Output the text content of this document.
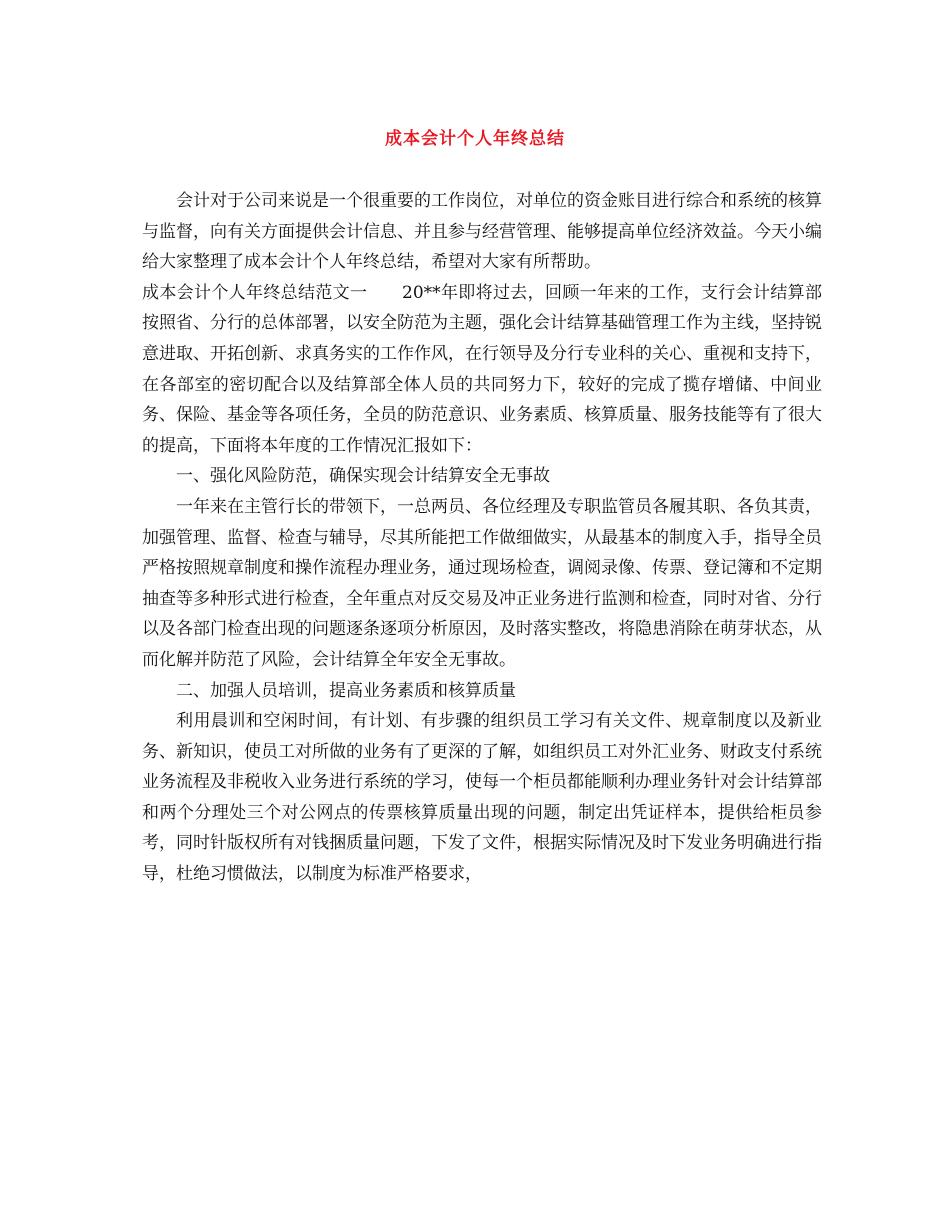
成本会计个人年终总结

会计对于公司来说是一个很重要的工作岗位，对单位的资金账目进行综合和系统的核算与监督，向有关方面提供会计信息、并且参与经营管理、能够提高单位经济效益。今天小编给大家整理了成本会计个人年终总结，希望对大家有所帮助。

成本会计个人年终总结范文一　　20**年即将过去，回顾一年来的工作，支行会计结算部按照省、分行的总体部署，以安全防范为主题，强化会计结算基础管理工作为主线，坚持锐意进取、开拓创新、求真务实的工作作风，在行领导及分行专业科的关心、重视和支持下，在各部室的密切配合以及结算部全体人员的共同努力下，较好的完成了揽存增储、中间业务、保险、基金等各项任务，全员的防范意识、业务素质、核算质量、服务技能等有了很大的提高，下面将本年度的工作情况汇报如下：

一、强化风险防范，确保实现会计结算安全无事故

一年来在主管行长的带领下，一总两员、各位经理及专职监管员各履其职、各负其责，加强管理、监督、检查与辅导，尽其所能把工作做细做实，从最基本的制度入手，指导全员严格按照规章制度和操作流程办理业务，通过现场检查，调阅录像、传票、登记簿和不定期抽查等多种形式进行检查，全年重点对反交易及冲正业务进行监测和检查，同时对省、分行以及各部门检查出现的问题逐条逐项分析原因，及时落实整改，将隐患消除在萌芽状态，从而化解并防范了风险，会计结算全年安全无事故。

二、加强人员培训，提高业务素质和核算质量

利用晨训和空闲时间，有计划、有步骤的组织员工学习有关文件、规章制度以及新业务、新知识，使员工对所做的业务有了更深的了解，如组织员工对外汇业务、财政支付系统业务流程及非税收入业务进行系统的学习，使每一个柜员都能顺利办理业务针对会计结算部和两个分理处三个对公网点的传票核算质量出现的问题，制定出凭证样本，提供给柜员参考，同时针版权所有对钱捆质量问题，下发了文件，根据实际情况及时下发业务明确进行指导，杜绝习惯做法，以制度为标准严格要求，
